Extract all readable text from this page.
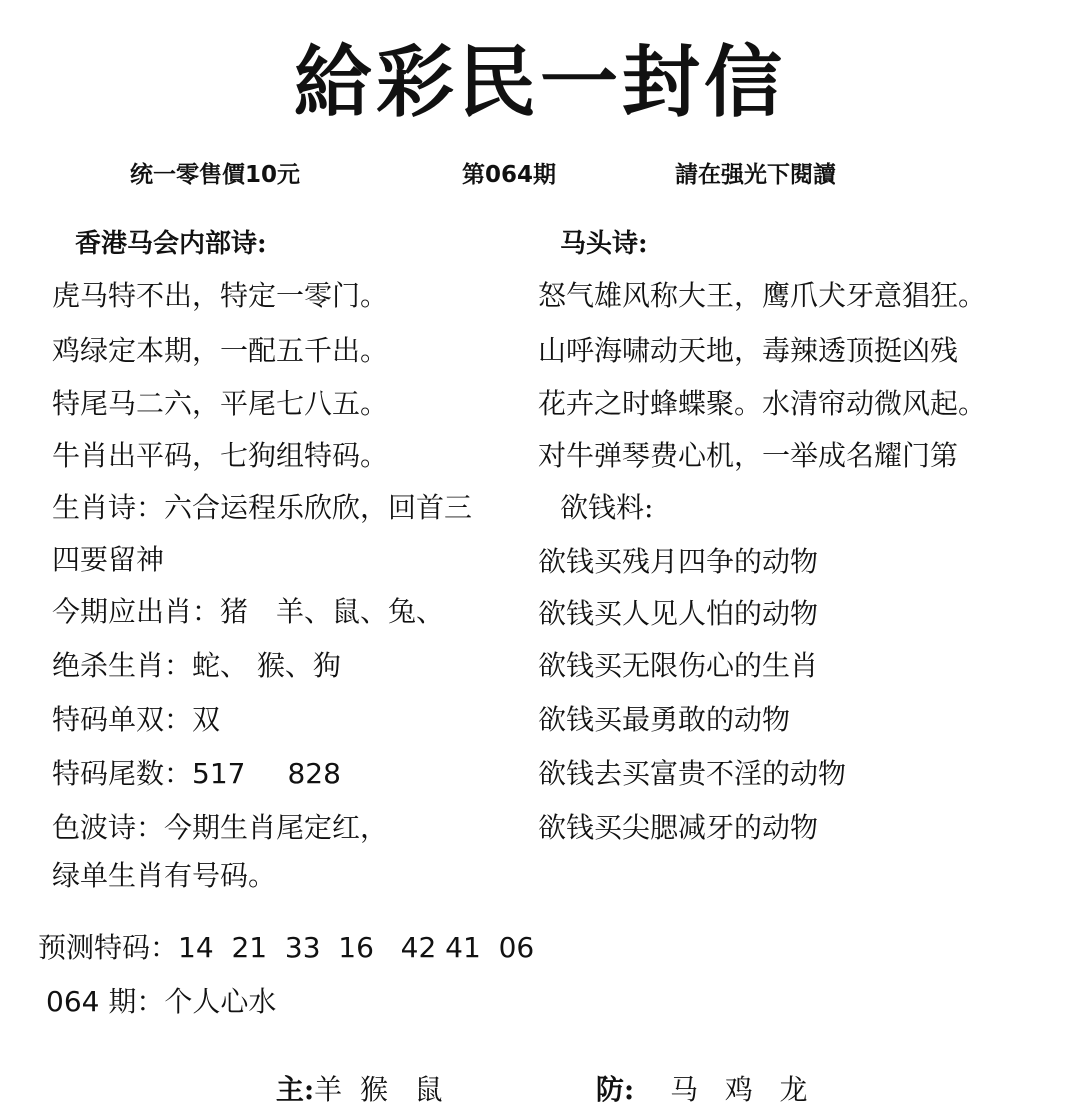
給彩民一封信
统一零售價10元	第064期	請在强光下閱讀
香港马会内部诗:
虎马特不出，特定一零门。
鸡绿定本期，一配五千出。
特尾马二六，平尾七八五。
牛肖出平码，七狗组特码。
生肖诗：六合运程乐欣欣，回首三
四要留神
今期应出肖：猪　羊、鼠、兔、
绝杀生肖：蛇、 猴、狗
特码单双：双
特码尾数：517 828
色波诗：今期生肖尾定红，
绿单生肖有号码。
马头诗:
怒气雄风称大王，鹰爪犬牙意猖狂。
山呼海啸动天地，毒辣透顶挺凶残
花卉之时蜂蝶聚。水清帘动微风起。
对牛弹琴费心机，一举成名耀门第
欲钱料:
欲钱买残月四争的动物
欲钱买人见人怕的动物
欲钱买无限伤心的生肖
欲钱买最勇敢的动物
欲钱去买富贵不淫的动物
欲钱买尖腮减牙的动物
预测特码：14  21  33  16   42 41  06
064 期：个人心水

主:羊  猴   鼠	防: 马   鸡   龙
